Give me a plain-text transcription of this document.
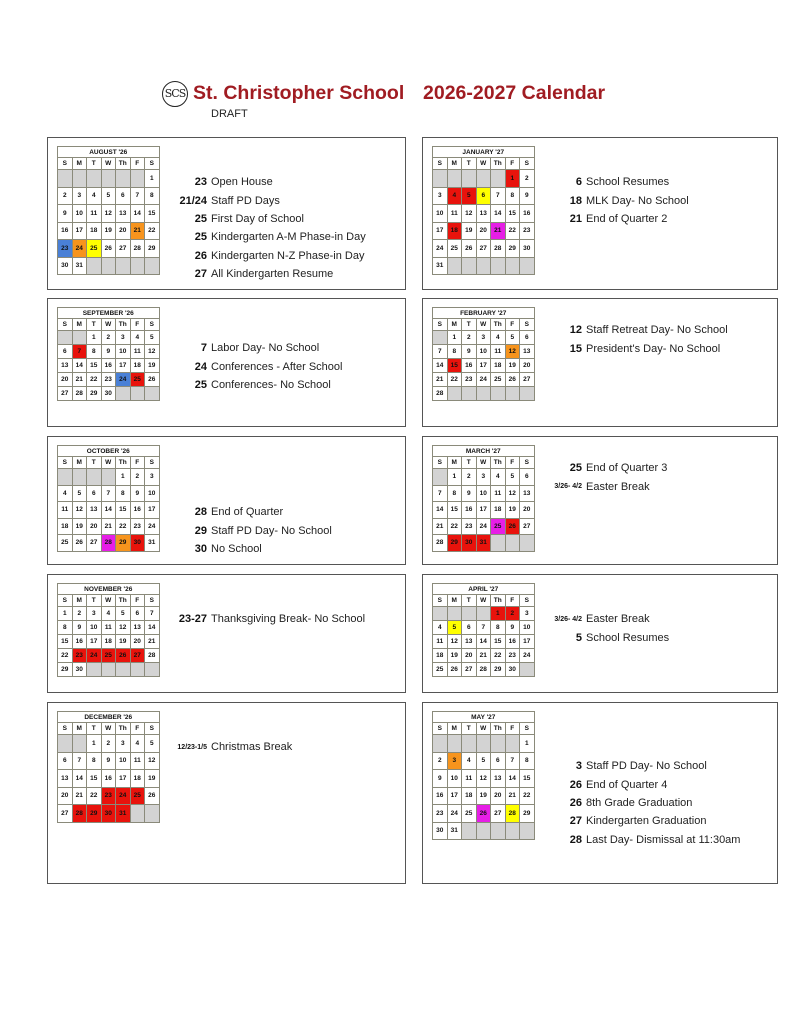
SCS St. Christopher School 2026-2027 Calendar
DRAFT
AUGUST '26						
S	M	T	W	Th	F	S
						1
2	3	4	5	6	7	8
9	10	11	12	13	14	15
16	17	18	19	20	21	22
23	24	25	26	27	28	29
30	31					
23 Open House
21/24 Staff PD Days
25 First Day of School
25 Kindergarten A-M Phase-in Day
26 Kindergarten N-Z Phase-in Day
27 All Kindergarten Resume
JANUARY '27						
S	M	T	W	Th	F	S
					1	2
3	4	5	6	7	8	9
10	11	12	13	14	15	16
17	18	19	20	21	22	23
24	25	26	27	28	29	30
31						
6 School Resumes
18 MLK Day- No School
21 End of Quarter 2
SEPTEMBER '26						
S	M	T	W	Th	F	S
		1	2	3	4	5
6	7	8	9	10	11	12
13	14	15	16	17	18	19
20	21	22	23	24	25	26
27	28	29	30			
7 Labor Day- No School
24 Conferences - After School
25 Conferences- No School
FEBRUARY '27						
S	M	T	W	Th	F	S
	1	2	3	4	5	6
7	8	9	10	11	12	13
14	15	16	17	18	19	20
21	22	23	24	25	26	27
28						
12 Staff Retreat Day- No School
15 President's Day- No School
OCTOBER '26						
S	M	T	W	Th	F	S
				1	2	3
4	5	6	7	8	9	10
11	12	13	14	15	16	17
18	19	20	21	22	23	24
25	26	27	28	29	30	31
28 End of Quarter
29 Staff PD Day- No School
30 No School
MARCH '27						
S	M	T	W	Th	F	S
	1	2	3	4	5	6
7	8	9	10	11	12	13
14	15	16	17	18	19	20
21	22	23	24	25	26	27
28	29	30	31			
25 End of Quarter 3
3/26- 4/2 Easter Break
NOVEMBER '26						
S	M	T	W	Th	F	S
1	2	3	4	5	6	7
8	9	10	11	12	13	14
15	16	17	18	19	20	21
22	23	24	25	26	27	28
29	30					
23-27 Thanksgiving Break- No School
APRIL '27						
S	M	T	W	Th	F	S
				1	2	3
4	5	6	7	8	9	10
11	12	13	14	15	16	17
18	19	20	21	22	23	24
25	26	27	28	29	30	
3/26- 4/2 Easter Break
5 School Resumes
DECEMBER '26						
S	M	T	W	Th	F	S
		1	2	3	4	5
6	7	8	9	10	11	12
13	14	15	16	17	18	19
20	21	22	23	24	25	26
27	28	29	30	31		
12/23-1/5 Christmas Break
MAY '27						
S	M	T	W	Th	F	S
						1
2	3	4	5	6	7	8
9	10	11	12	13	14	15
16	17	18	19	20	21	22
23	24	25	26	27	28	29
30	31					
3 Staff PD Day- No School
26 End of Quarter 4
26 8th Grade Graduation
27 Kindergarten Graduation
28 Last Day- Dismissal at 11:30am
